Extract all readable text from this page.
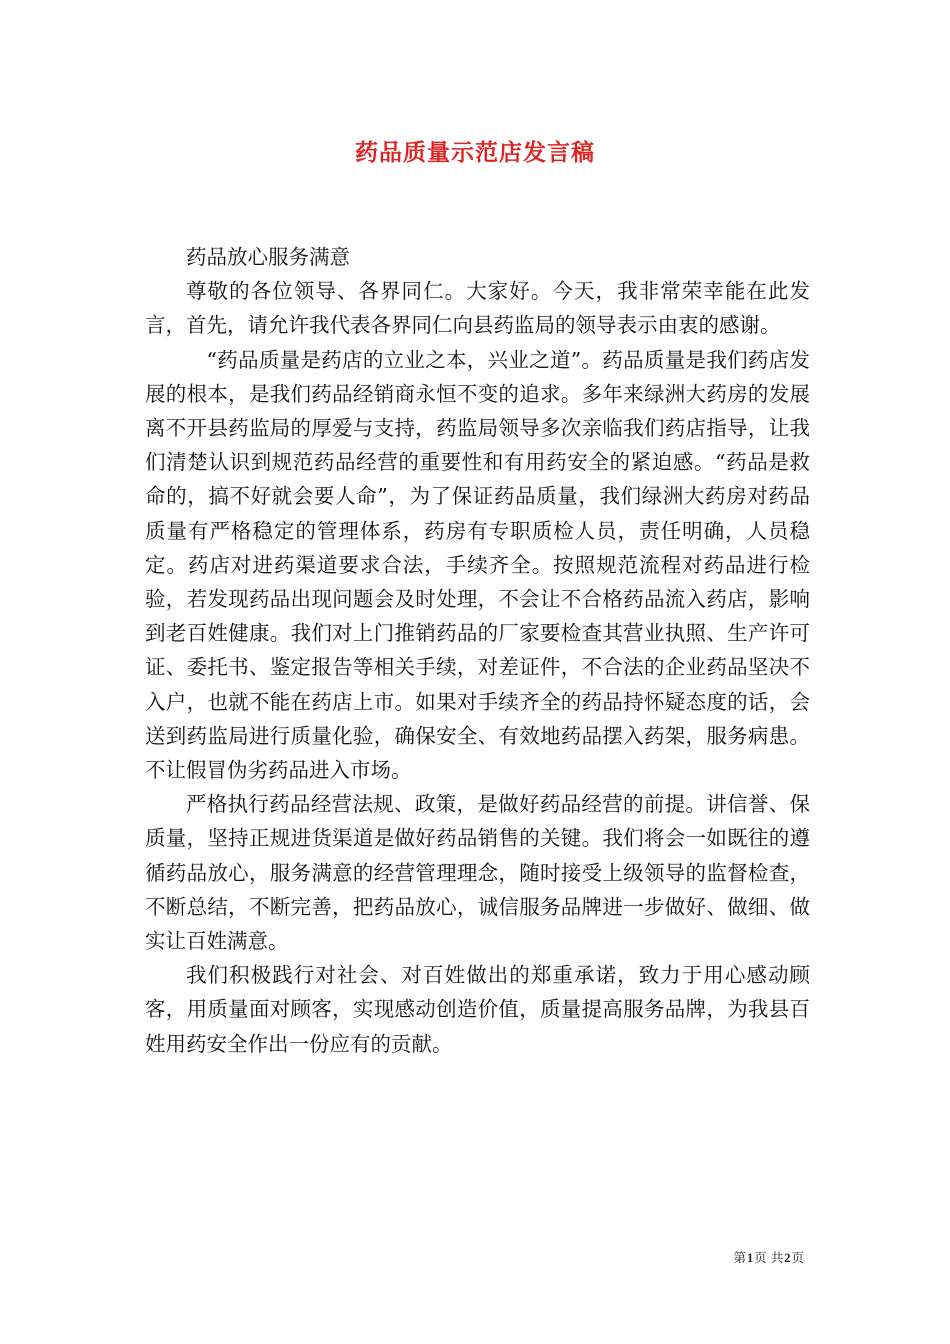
药品质量示范店发言稿

药品放心服务满意

尊敬的各位领导、各界同仁。大家好。今天，我非常荣幸能在此发言，首先，请允许我代表各界同仁向县药监局的领导表示由衷的感谢。

“药品质量是药店的立业之本，兴业之道”。药品质量是我们药店发展的根本，是我们药品经销商永恒不变的追求。多年来绿洲大药房的发展离不开县药监局的厚爱与支持，药监局领导多次亲临我们药店指导，让我们清楚认识到规范药品经营的重要性和有用药安全的紧迫感。“药品是救命的，搞不好就会要人命”，为了保证药品质量，我们绿洲大药房对药品质量有严格稳定的管理体系，药房有专职质检人员，责任明确，人员稳定。药店对进药渠道要求合法，手续齐全。按照规范流程对药品进行检验，若发现药品出现问题会及时处理，不会让不合格药品流入药店，影响到老百姓健康。我们对上门推销药品的厂家要检查其营业执照、生产许可证、委托书、鉴定报告等相关手续，对差证件，不合法的企业药品坚决不入户，也就不能在药店上市。如果对手续齐全的药品持怀疑态度的话，会送到药监局进行质量化验，确保安全、有效地药品摆入药架，服务病患。不让假冒伪劣药品进入市场。

严格执行药品经营法规、政策，是做好药品经营的前提。讲信誉、保质量，坚持正规进货渠道是做好药品销售的关键。我们将会一如既往的遵循药品放心，服务满意的经营管理理念，随时接受上级领导的监督检查，不断总结，不断完善，把药品放心，诚信服务品牌进一步做好、做细、做实让百姓满意。

我们积极践行对社会、对百姓做出的郑重承诺，致力于用心感动顾客，用质量面对顾客，实现感动创造价值，质量提高服务品牌，为我县百姓用药安全作出一份应有的贡献。

第1页 共2页
